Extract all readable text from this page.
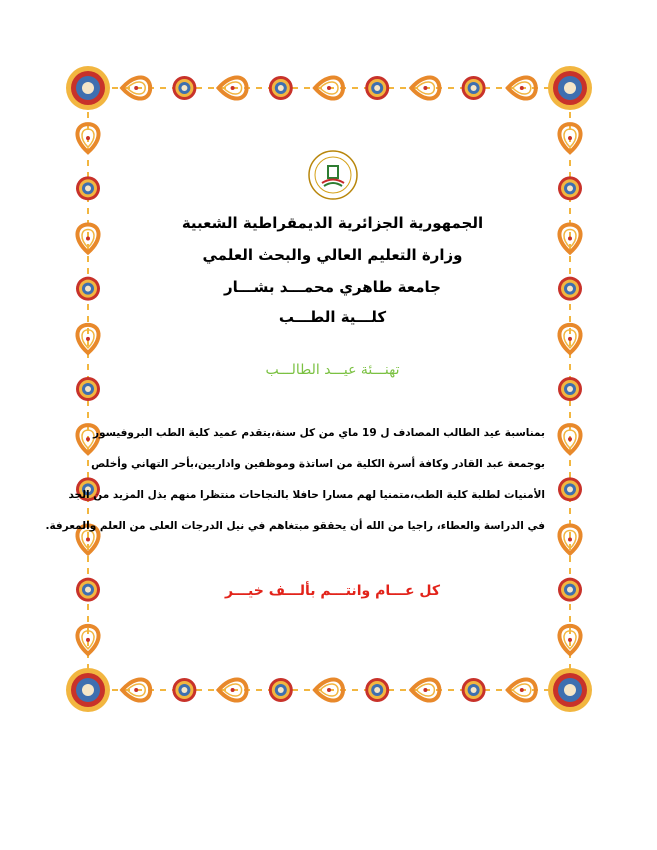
الجمهورية الجزائرية الديمقراطية الشعبية
وزارة التعليم العالي والبحث العلمي
جامعة طاهري محمـــد بشـــار
كلـــية الطـــب
تهنـــئة عيـــد الطالـــب

بمناسبة عيد الطالب المصادف ل 19 ماي من كل سنة،يتقدم عميد كلية الطب البروفيسور

بوجمعة عبد القادر وكافة أسرة الكلية من اساتذة وموظفين واداريين،بأحر التهاني وأخلص

الأمنيات لطلبة كلية الطب،متمنيا لهم مسارا حافلا بالنجاحات منتظرا منهم بذل المزيد من الجد

في الدراسة والعطاء، راجيا من الله أن يحققو مبتغاهم في نيل الدرجات العلى من العلم والمعرفة.

كل عـــام وانتـــم بألـــف خيـــر
